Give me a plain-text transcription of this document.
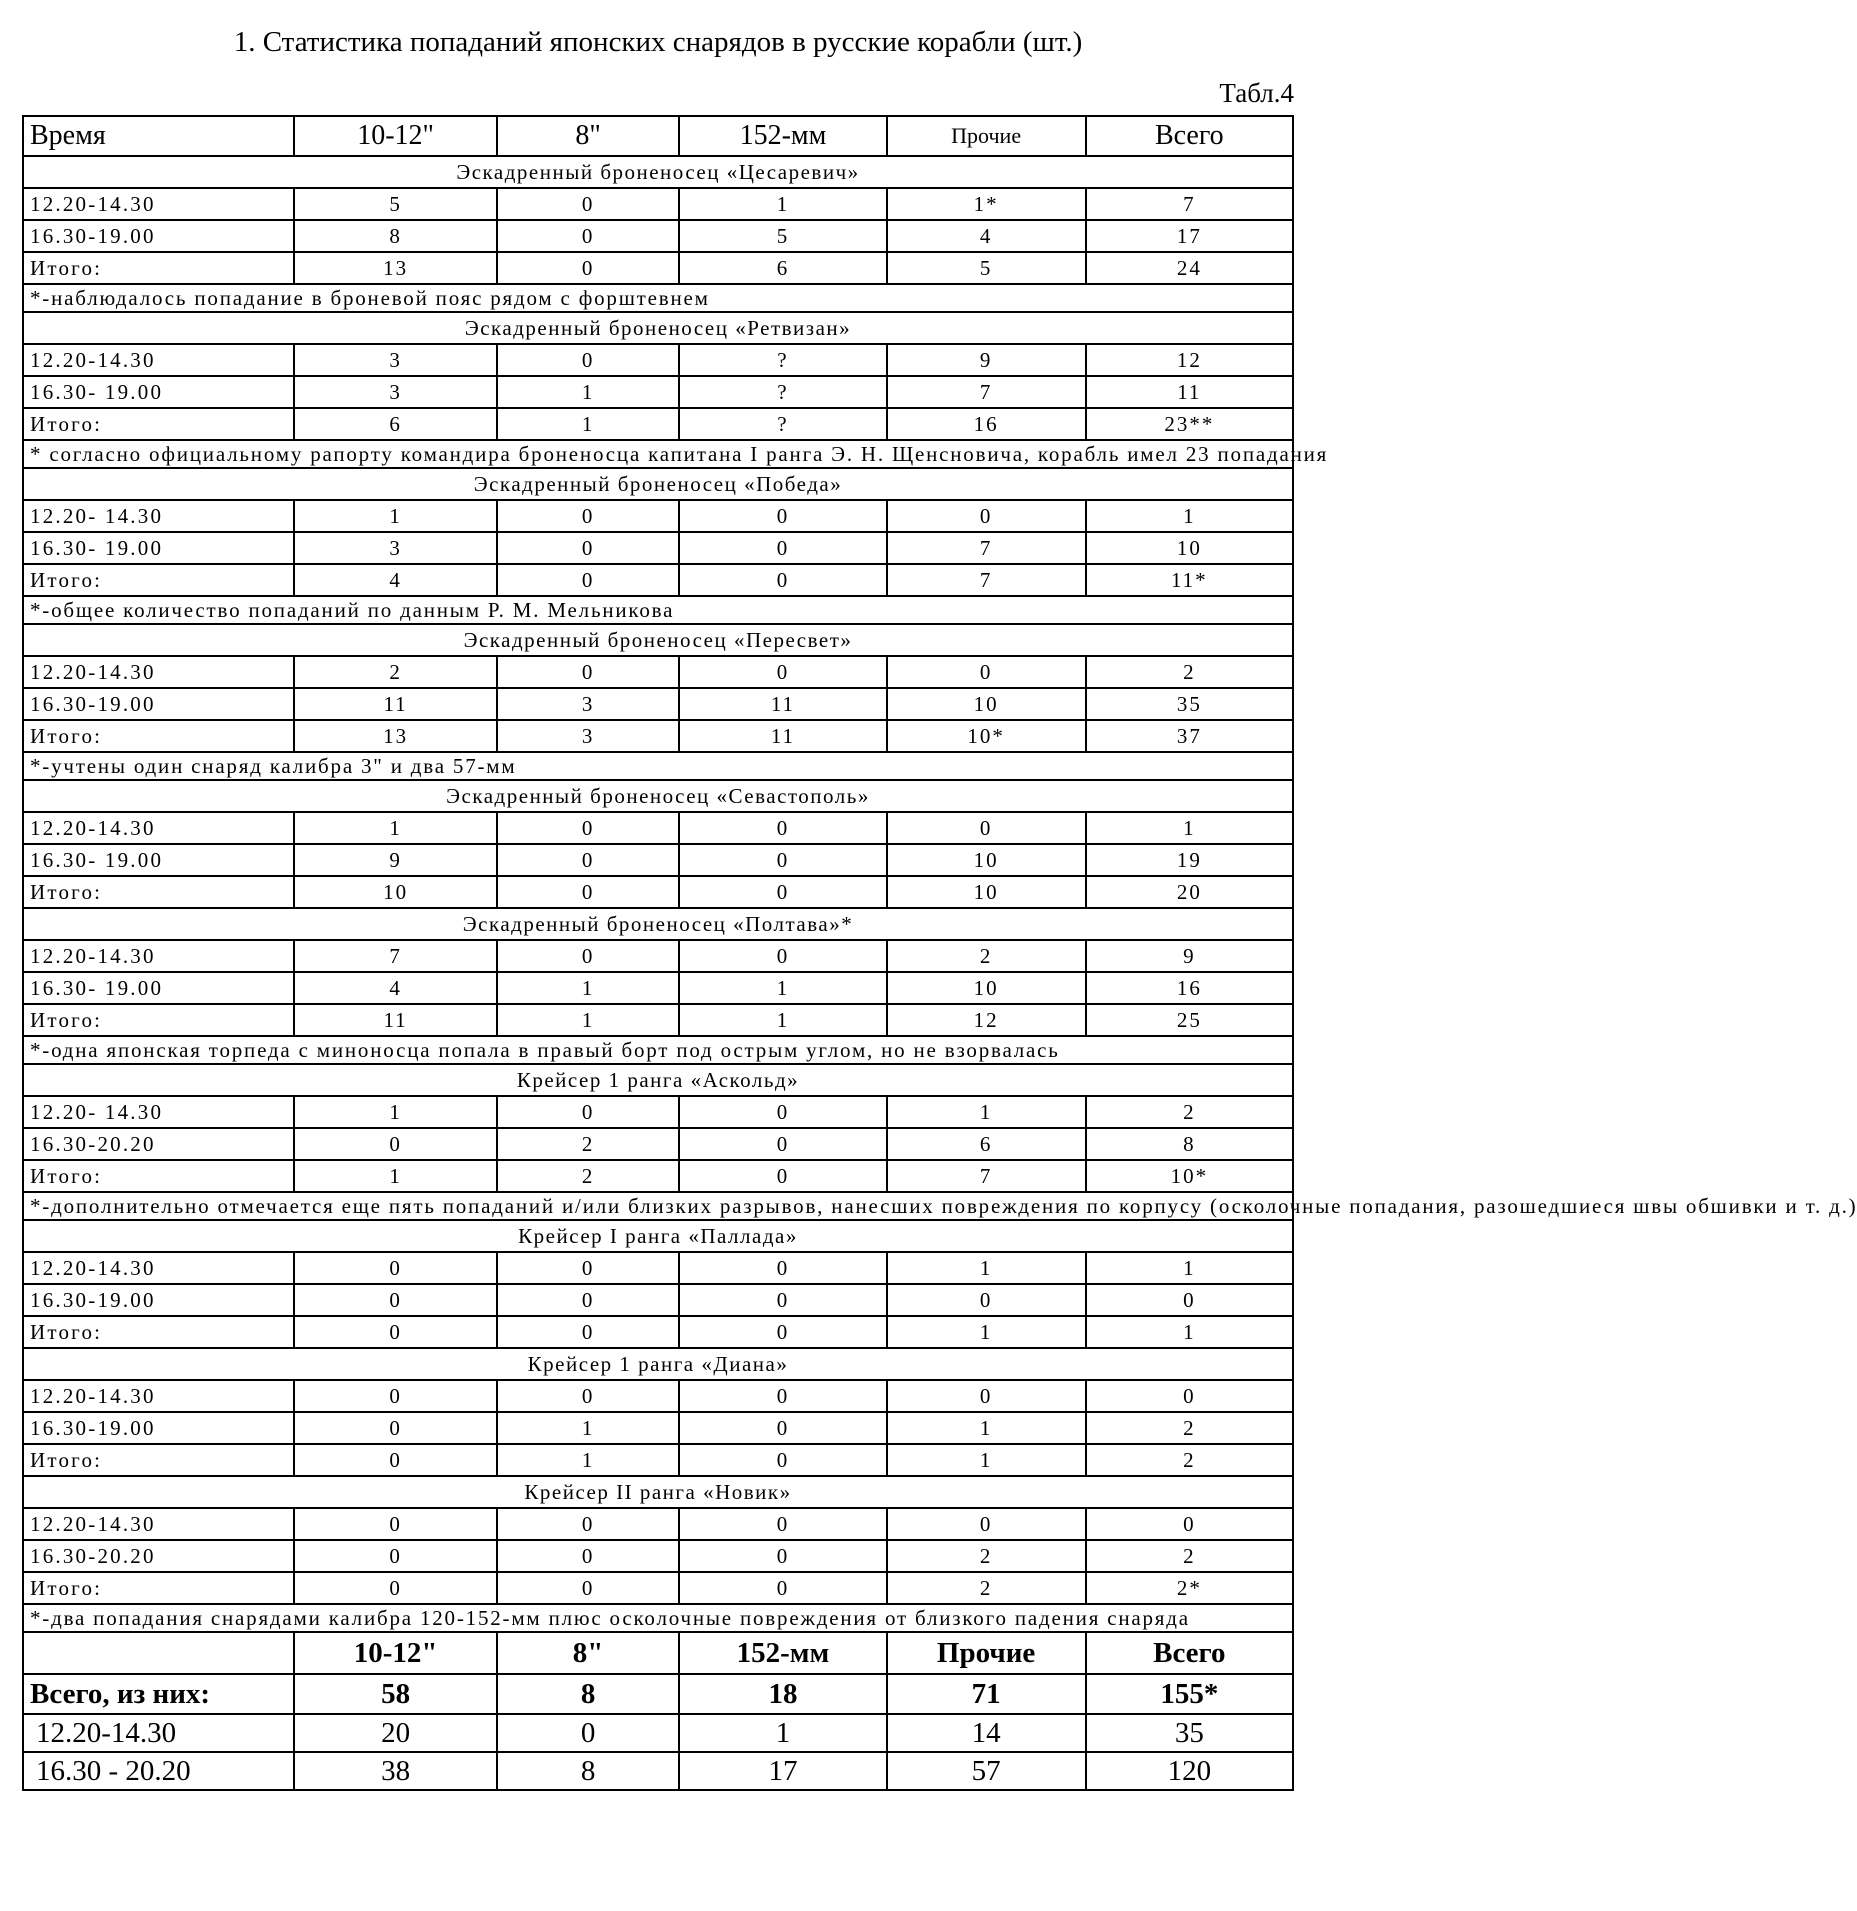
1. Статистика попаданий японских снарядов в русские корабли (шт.)
Табл.4
Время	10-12"	8"	152-мм	Прочие	Всего
Эскадренный броненосец «Цесаревич»					
12.20-14.30	5	0	1	1*	7
16.30-19.00	8	0	5	4	17
Итого:	13	0	6	5	24
*-наблюдалось попадание в броневой пояс рядом с форштевнем					
Эскадренный броненосец «Ретвизан»					
12.20-14.30	3	0	?	9	12
16.30- 19.00	3	1	?	7	11
Итого:	6	1	?	16	23**
* согласно официальному рапорту командира броненосца капитана I ранга Э. Н. Щенсновича, корабль имел 23 попадания					
Эскадренный броненосец «Победа»					
12.20- 14.30	1	0	0	0	1
16.30- 19.00	3	0	0	7	10
Итого:	4	0	0	7	11*
*-общее количество попаданий по данным Р. М. Мельникова					
Эскадренный броненосец «Пересвет»					
12.20-14.30	2	0	0	0	2
16.30-19.00	11	3	11	10	35
Итого:	13	3	11	10*	37
*-учтены один снаряд калибра 3" и два 57-мм					
Эскадренный броненосец «Севастополь»					
12.20-14.30	1	0	0	0	1
16.30- 19.00	9	0	0	10	19
Итого:	10	0	0	10	20
Эскадренный броненосец «Полтава»*					
12.20-14.30	7	0	0	2	9
16.30- 19.00	4	1	1	10	16
Итого:	11	1	1	12	25
*-одна японская торпеда с миноносца попала в правый борт под острым углом, но не взорвалась					
Крейсер 1 ранга «Аскольд»					
12.20- 14.30	1	0	0	1	2
16.30-20.20	0	2	0	6	8
Итого:	1	2	0	7	10*
*-дополнительно отмечается еще пять попаданий и/или близких разрывов, нанесших повреждения по корпусу (осколочные попадания, разошедшиеся швы обшивки и т. д.)					
Крейсер I ранга «Паллада»					
12.20-14.30	0	0	0	1	1
16.30-19.00	0	0	0	0	0
Итого:	0	0	0	1	1
Крейсер 1 ранга «Диана»					
12.20-14.30	0	0	0	0	0
16.30-19.00	0	1	0	1	2
Итого:	0	1	0	1	2
Крейсер II ранга «Новик»					
12.20-14.30	0	0	0	0	0
16.30-20.20	0	0	0	2	2
Итого:	0	0	0	2	2*
*-два попадания снарядами калибра 120-152-мм плюс осколочные повреждения от близкого падения снаряда					
	10-12"	8"	152-мм	Прочие	Всего
Всего, из них:	58	8	18	71	155*
12.20-14.30	20	0	1	14	35
16.30 - 20.20	38	8	17	57	120
